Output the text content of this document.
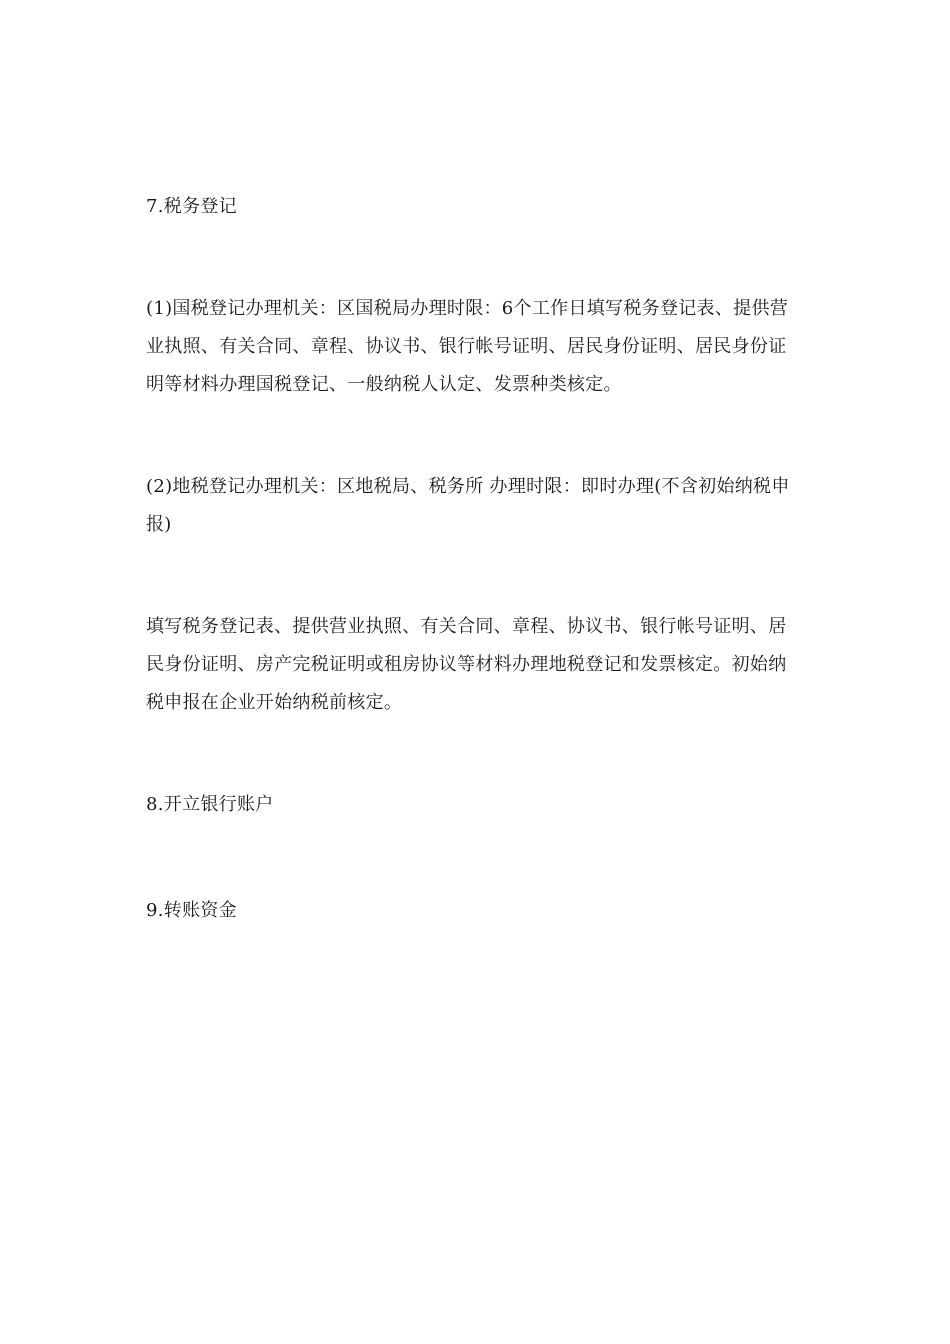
7.税务登记

(1)国税登记办理机关：区国税局办理时限：6个工作日填写税务登记表、提供营业执照、有关合同、章程、协议书、银行帐号证明、居民身份证明、居民身份证明等材料办理国税登记、一般纳税人认定、发票种类核定。

(2)地税登记办理机关：区地税局、税务所 办理时限：即时办理(不含初始纳税申报)

填写税务登记表、提供营业执照、有关合同、章程、协议书、银行帐号证明、居民身份证明、房产完税证明或租房协议等材料办理地税登记和发票核定。初始纳税申报在企业开始纳税前核定。

8.开立银行账户

9.转账资金
